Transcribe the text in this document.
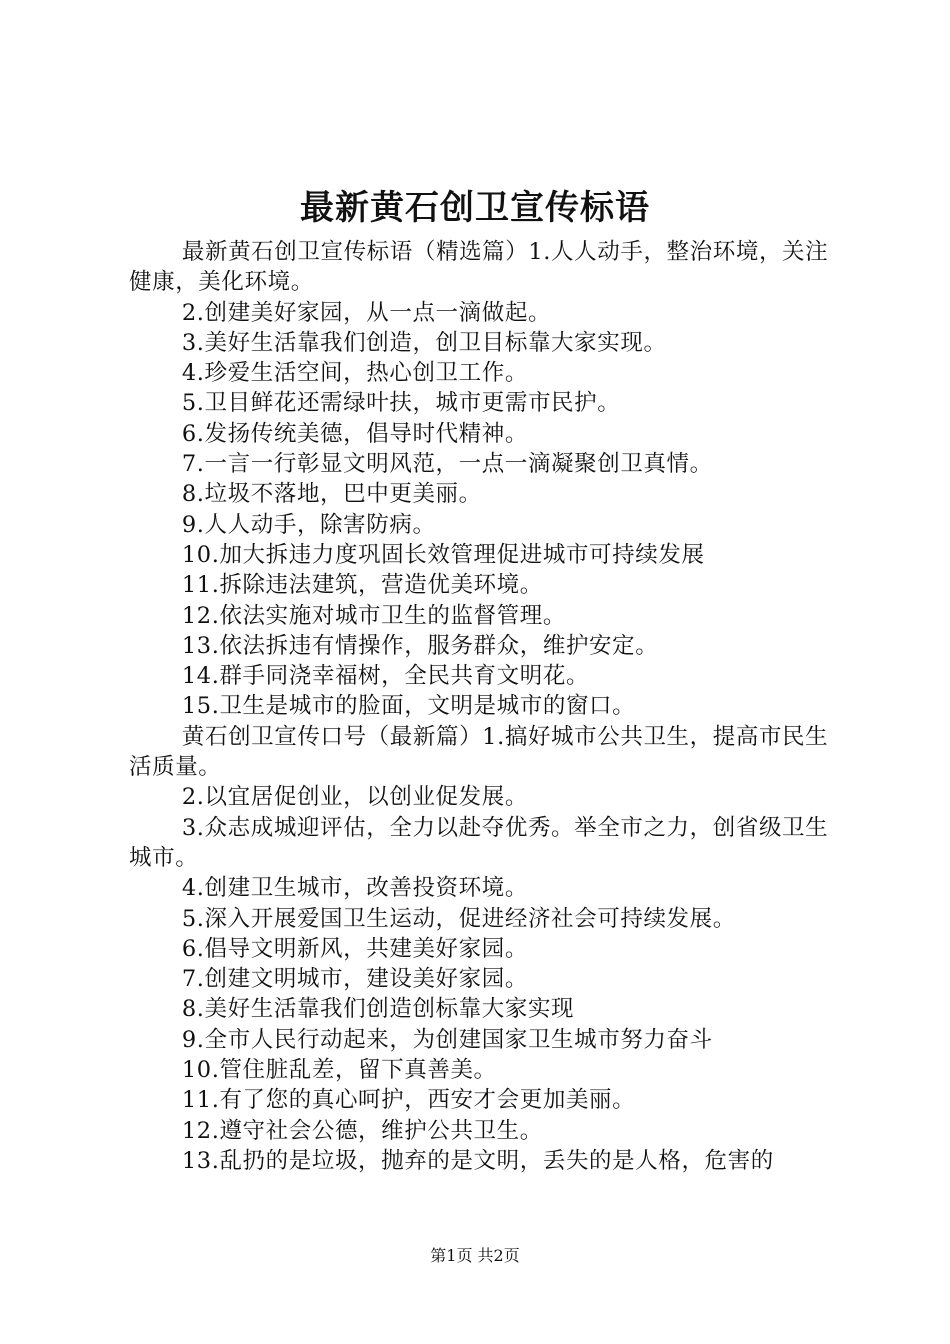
最新黄石创卫宣传标语

最新黄石创卫宣传标语（精选篇）1.人人动手，整治环境，关注健康，美化环境。

2.创建美好家园，从一点一滴做起。

3.美好生活靠我们创造，创卫目标靠大家实现。

4.珍爱生活空间，热心创卫工作。

5.卫目鲜花还需绿叶扶，城市更需市民护。

6.发扬传统美德，倡导时代精神。

7.一言一行彰显文明风范，一点一滴凝聚创卫真情。

8.垃圾不落地，巴中更美丽。

9.人人动手，除害防病。

10.加大拆违力度巩固长效管理促进城市可持续发展

11.拆除违法建筑，营造优美环境。

12.依法实施对城市卫生的监督管理。

13.依法拆违有情操作，服务群众，维护安定。

14.群手同浇幸福树，全民共育文明花。

15.卫生是城市的脸面，文明是城市的窗口。

黄石创卫宣传口号（最新篇）1.搞好城市公共卫生，提高市民生活质量。

2.以宜居促创业，以创业促发展。

3.众志成城迎评估，全力以赴夺优秀。举全市之力，创省级卫生城市。

4.创建卫生城市，改善投资环境。

5.深入开展爱国卫生运动，促进经济社会可持续发展。

6.倡导文明新风，共建美好家园。

7.创建文明城市，建设美好家园。

8.美好生活靠我们创造创标靠大家实现

9.全市人民行动起来，为创建国家卫生城市努力奋斗

10.管住脏乱差，留下真善美。

11.有了您的真心呵护，西安才会更加美丽。

12.遵守社会公德，维护公共卫生。

13.乱扔的是垃圾，抛弃的是文明，丢失的是人格，危害的

第1页 共2页
